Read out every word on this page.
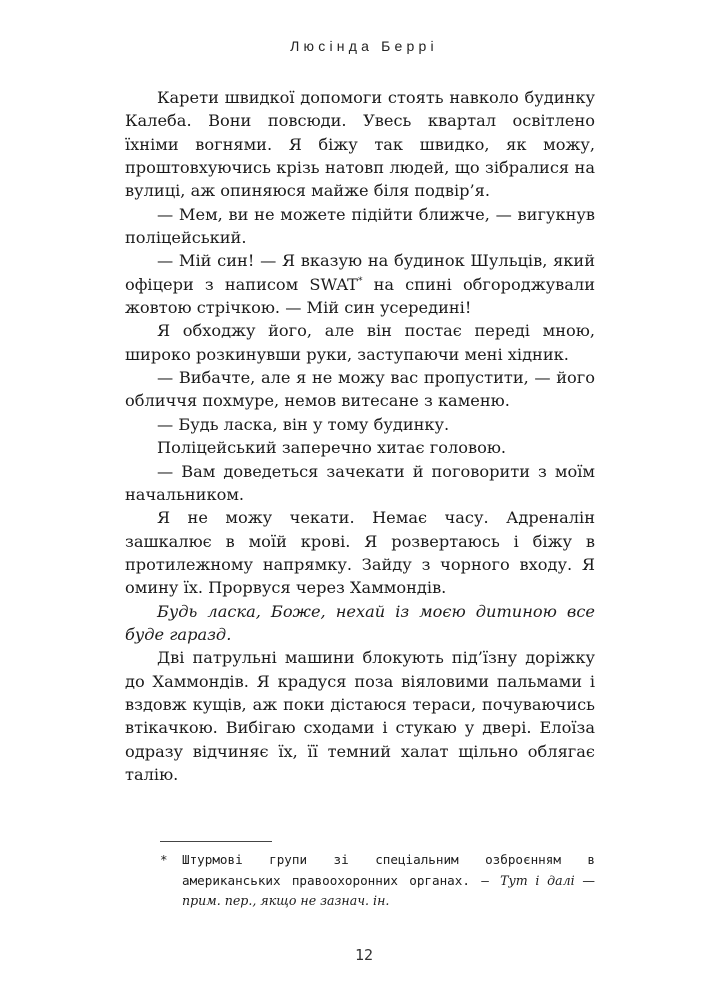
Люсінда Беррі

Карети швидкої допомоги стоять навколо будинку Калеба. Вони повсюди. Увесь квартал освітлено їхніми вогнями. Я біжу так швидко, як можу, проштовхуючись крізь натовп людей, що зібралися на вулиці, аж опиняюся майже біля подвір’я.

— Мем, ви не можете підійти ближче, — вигукнув поліцейський.

— Мій син! — Я вказую на будинок Шульців, який офіцери з написом SWAT* на спині обгороджували жовтою стрічкою. — Мій син усередині!

Я обходжу його, але він постає переді мною, широко розкинувши руки, заступаючи мені хідник.

— Вибачте, але я не можу вас пропустити, — його обличчя похмуре, немов витесане з каменю.

— Будь ласка, він у тому будинку.

Поліцейський заперечно хитає головою.

— Вам доведеться зачекати й поговорити з моїм начальником.

Я не можу чекати. Немає часу. Адреналін зашкалює в моїй крові. Я розвертаюсь і біжу в протилежному напрямку. Зайду з чорного входу. Я омину їх. Прорвуся через Хаммондів.

Будь ласка, Боже, нехай із моєю дитиною все буде гаразд.

Дві патрульні машини блокують під’їзну доріжку до Хаммондів. Я крадуся поза віяловими пальмами і вздовж кущів, аж поки дістаюся тераси, почуваючись втікачкою. Вибігаю сходами і стукаю у двері. Елоїза одразу відчиняє їх, її темний халат щільно облягає талію.

* Штурмові групи зі спеціальним озброєнням в американських правоохоронних органах. — Тут і далі — прим. пер., якщо не зазнач. ін.
12
